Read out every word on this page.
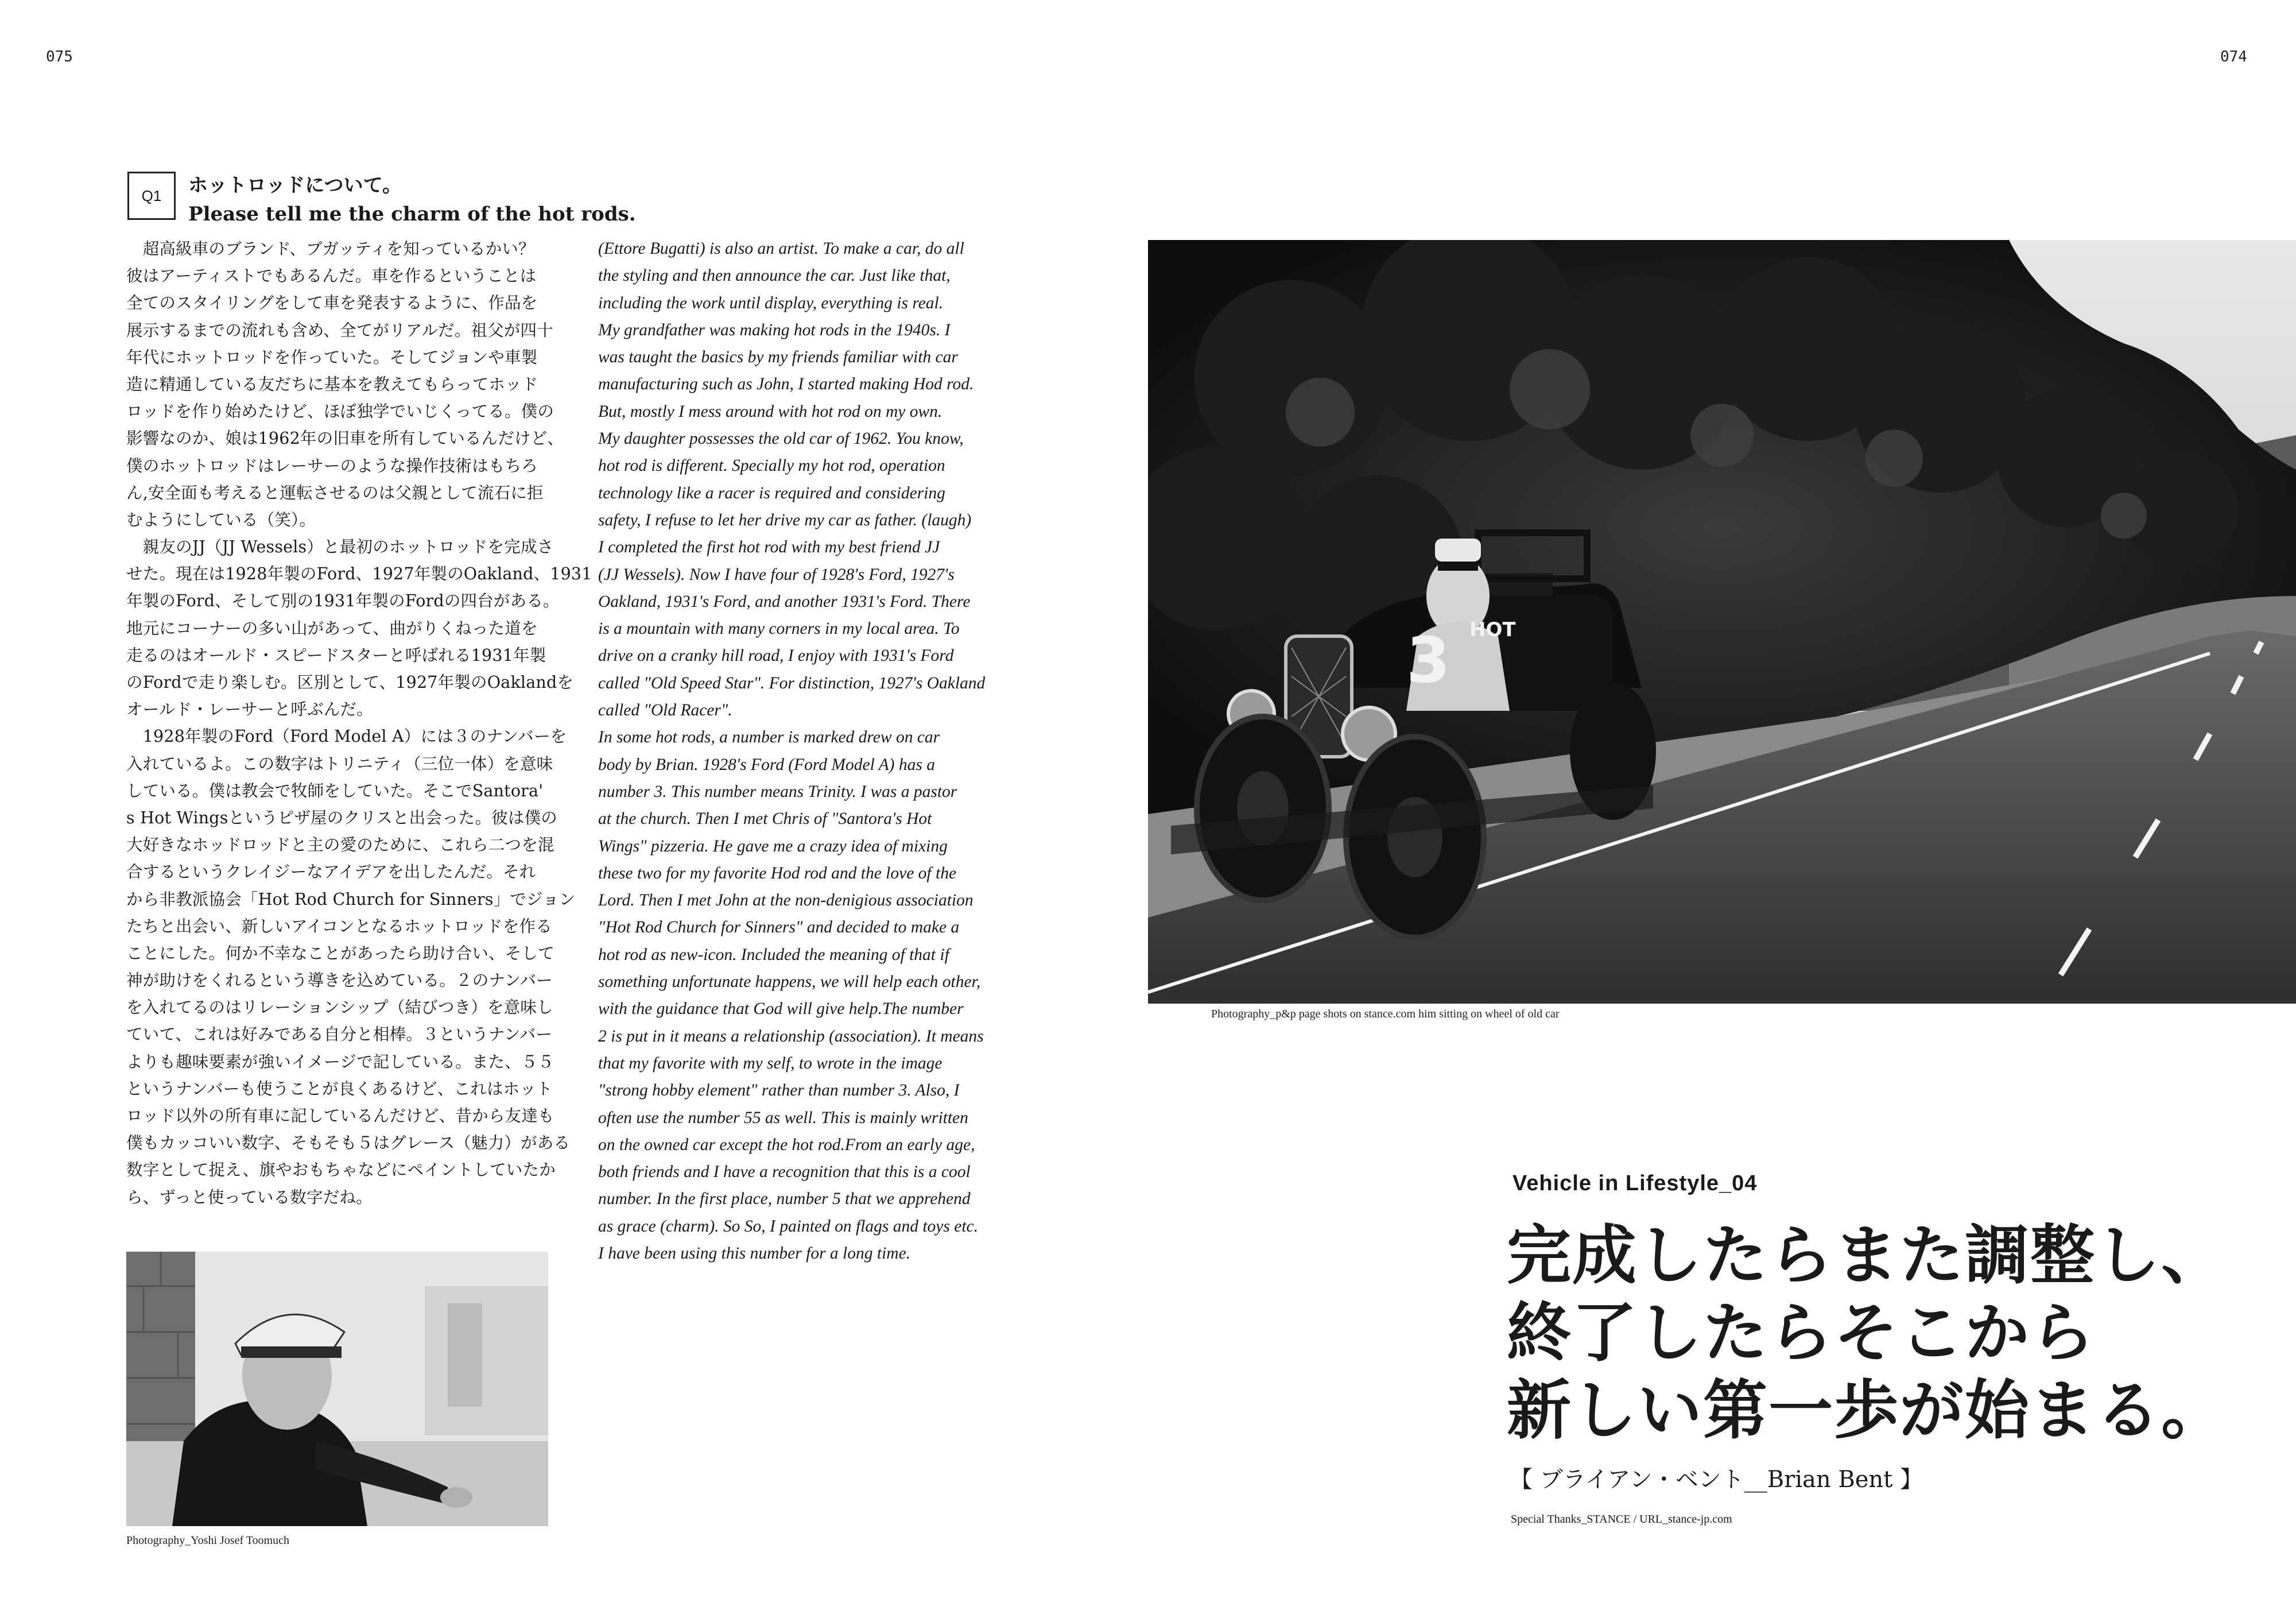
075	074
Q1	ホットロッドについて。
Please tell me the charm of the hot rods.
　超高級車のブランド、ブガッティを知っているかい？
彼はアーティストでもあるんだ。車を作るということは
全てのスタイリングをして車を発表するように、作品を
展示するまでの流れも含め、全てがリアルだ。祖父が四十
年代にホットロッドを作っていた。そしてジョンや車製
造に精通している友だちに基本を教えてもらってホッド
ロッドを作り始めたけど、ほぼ独学でいじくってる。僕の
影響なのか、娘は1962年の旧車を所有しているんだけど、
僕のホットロッドはレーサーのような操作技術はもちろ
ん,安全面も考えると運転させるのは父親として流石に拒
むようにしている（笑）。
　親友のJJ（JJ Wessels）と最初のホットロッドを完成さ
せた。現在は1928年製のFord、1927年製のOakland、1931
年製のFord、そして別の1931年製のFordの四台がある。
地元にコーナーの多い山があって、曲がりくねった道を
走るのはオールド・スピードスターと呼ばれる1931年製
のFordで走り楽しむ。区別として、1927年製のOaklandを
オールド・レーサーと呼ぶんだ。
　1928年製のFord（Ford Model A）には３のナンバーを
入れているよ。この数字はトリニティ（三位一体）を意味
している。僕は教会で牧師をしていた。そこでSantora'
s Hot Wingsというピザ屋のクリスと出会った。彼は僕の
大好きなホッドロッドと主の愛のために、これら二つを混
合するというクレイジーなアイデアを出したんだ。それ
から非教派協会「Hot Rod Church for Sinners」でジョン
たちと出会い、新しいアイコンとなるホットロッドを作る
ことにした。何か不幸なことがあったら助け合い、そして
神が助けをくれるという導きを込めている。２のナンバー
を入れてるのはリレーションシップ（結びつき）を意味し
ていて、これは好みである自分と相棒。３というナンバー
よりも趣味要素が強いイメージで記している。また、５５
というナンバーも使うことが良くあるけど、これはホット
ロッド以外の所有車に記しているんだけど、昔から友達も
僕もカッコいい数字、そもそも５はグレース（魅力）がある
数字として捉え、旗やおもちゃなどにペイントしていたか
ら、ずっと使っている数字だね。
(Ettore Bugatti) is also an artist. To make a car, do all
the styling and then announce the car. Just like that,
including the work until display, everything is real.
My grandfather was making hot rods in the 1940s. I
was taught the basics by my friends familiar with car
manufacturing such as John, I started making Hod rod.
But, mostly I mess around with hot rod on my own.
My daughter possesses the old car of 1962. You know,
hot rod is different. Specially my hot rod, operation
technology like a racer is required and considering
safety, I refuse to let her drive my car as father. (laugh)
I completed the first hot rod with my best friend JJ
(JJ Wessels). Now I have four of 1928's Ford, 1927's
Oakland, 1931's Ford, and another 1931's Ford. There
is a mountain with many corners in my local area. To
drive on a cranky hill road, I enjoy with 1931's Ford
called "Old Speed Star". For distinction, 1927's Oakland
called "Old Racer".
In some hot rods, a number is marked drew on car
body by Brian. 1928's Ford (Ford Model A) has a
number 3. This number means Trinity. I was a pastor
at the church. Then I met Chris of "Santora's Hot
Wings" pizzeria. He gave me a crazy idea of mixing
these two for my favorite Hod rod and the love of the
Lord. Then I met John at the non-denigious association
"Hot Rod Church for Sinners" and decided to make a
hot rod as new-icon. Included the meaning of that if
something unfortunate happens, we will help each other,
with the guidance that God will give help.The number
2 is put in it means a relationship (association). It means
that my favorite with my self, to wrote in the image
"strong hobby element" rather than number 3. Also, I
often use the number 55 as well. This is mainly written
on the owned car except the hot rod.From an early age,
both friends and I have a recognition that this is a cool
number. In the first place, number 5 that we apprehend
as grace (charm). So So, I painted on flags and toys etc.
I have been using this number for a long time.
3 HOT
Photography_p&p page shots on stance.com him sitting on wheel of old car
Photography_Yoshi Josef Toomuch
Vehicle in Lifestyle_04
完成したらまた調整し、
終了したらそこから
新しい第一歩が始まる。
【 ブライアン・ベント__Brian Bent 】
Special Thanks_STANCE / URL_stance-jp.com
